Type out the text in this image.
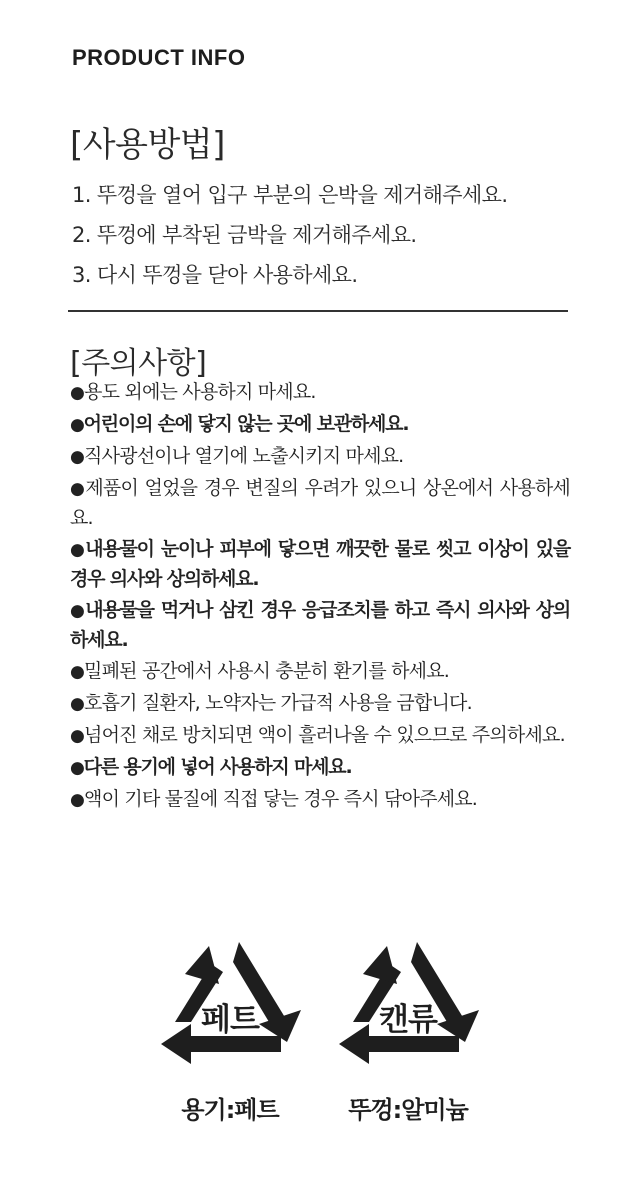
PRODUCT INFO
[사용방법]
1. 뚜껑을 열어 입구 부분의 은박을 제거해주세요.
2. 뚜껑에 부착된 금박을 제거해주세요.
3. 다시 뚜껑을 닫아 사용하세요.
[주의사항]
●용도 외에는 사용하지 마세요.
●어린이의 손에 닿지 않는 곳에 보관하세요.
●직사광선이나 열기에 노출시키지 마세요.
●제품이 얼었을 경우 변질의 우려가 있으니 상온에서 사용하세요.
●내용물이 눈이나 피부에 닿으면 깨끗한 물로 씻고 이상이 있을 경우 의사와 상의하세요.
●내용물을 먹거나 삼킨 경우 응급조치를 하고 즉시 의사와 상의하세요.
●밀폐된 공간에서 사용시 충분히 환기를 하세요.
●호흡기 질환자, 노약자는 가급적 사용을 금합니다.
●넘어진 채로 방치되면 액이 흘러나올 수 있으므로 주의하세요.
●다른 용기에 넣어 사용하지 마세요.
●액이 기타 물질에 직접 닿는 경우 즉시 닦아주세요.
페트
용기:페트
캔류
뚜껑:알미늄
